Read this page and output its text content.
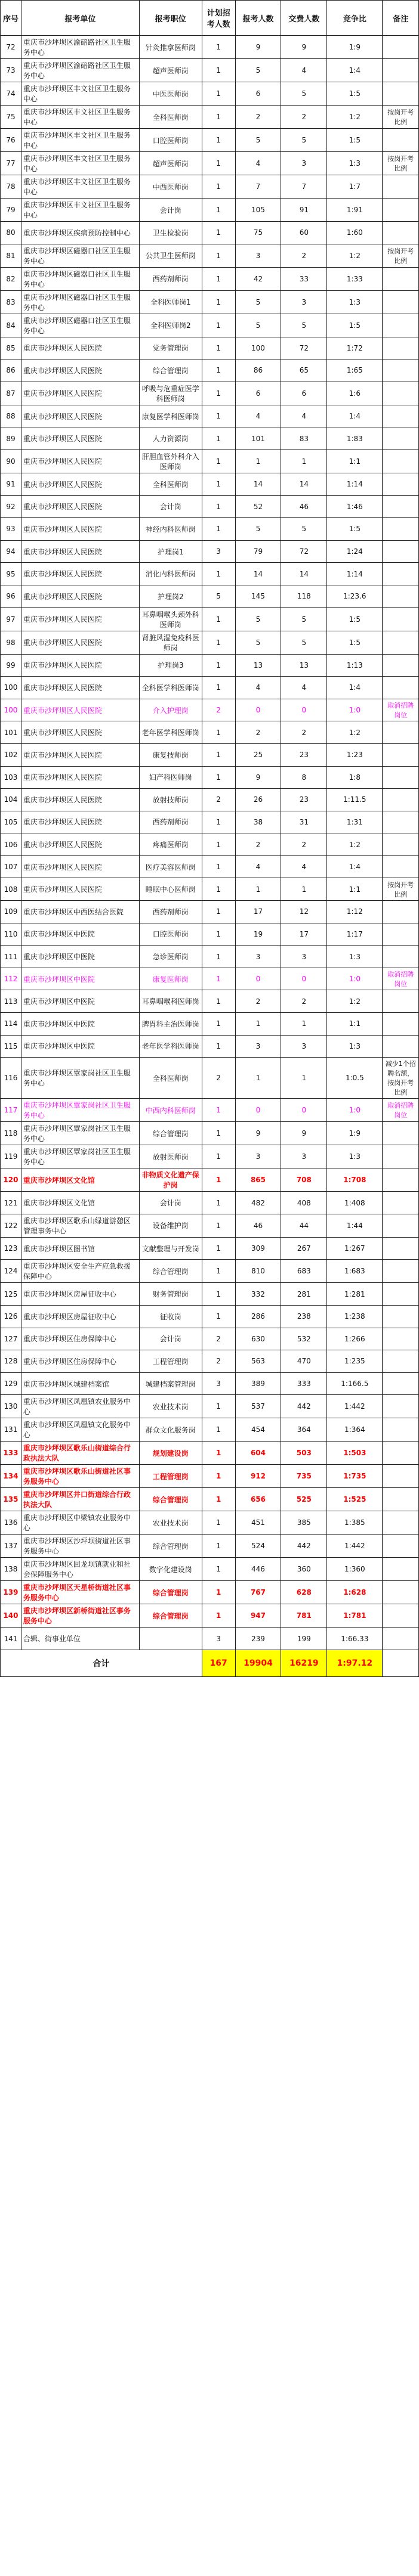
序号	报考单位	报考职位	计划招考人数	报考人数	交费人数	竞争比	备注
72	重庆市沙坪坝区渝碚路社区卫生服务中心	针灸推拿医师岗	1	9	9	1:9	
73	重庆市沙坪坝区渝碚路社区卫生服务中心	超声医师岗	1	5	4	1:4	
74	重庆市沙坪坝区丰文社区卫生服务中心	中医医师岗	1	6	5	1:5	
75	重庆市沙坪坝区丰文社区卫生服务中心	全科医师岗	1	2	2	1:2	按岗开考比例
76	重庆市沙坪坝区丰文社区卫生服务中心	口腔医师岗	1	5	5	1:5	
77	重庆市沙坪坝区丰文社区卫生服务中心	超声医师岗	1	4	3	1:3	按岗开考比例
78	重庆市沙坪坝区丰文社区卫生服务中心	中西医师岗	1	7	7	1:7	
79	重庆市沙坪坝区丰文社区卫生服务中心	会计岗	1	105	91	1:91	
80	重庆市沙坪坝区疾病预防控制中心	卫生检验岗	1	75	60	1:60	
81	重庆市沙坪坝区磁器口社区卫生服务中心	公共卫生医师岗	1	3	2	1:2	按岗开考比例
82	重庆市沙坪坝区磁器口社区卫生服务中心	西药剂师岗	1	42	33	1:33	
83	重庆市沙坪坝区磁器口社区卫生服务中心	全科医师岗1	1	5	3	1:3	
84	重庆市沙坪坝区磁器口社区卫生服务中心	全科医师岗2	1	5	5	1:5	
85	重庆市沙坪坝区人民医院	党务管理岗	1	100	72	1:72	
86	重庆市沙坪坝区人民医院	综合管理岗	1	86	65	1:65	
87	重庆市沙坪坝区人民医院	呼吸与危重症医学科医师岗	1	6	6	1:6	
88	重庆市沙坪坝区人民医院	康复医学科医师岗	1	4	4	1:4	
89	重庆市沙坪坝区人民医院	人力资源岗	1	101	83	1:83	
90	重庆市沙坪坝区人民医院	肝胆血管外科介入医师岗	1	1	1	1:1	
91	重庆市沙坪坝区人民医院	全科医师岗	1	14	14	1:14	
92	重庆市沙坪坝区人民医院	会计岗	1	52	46	1:46	
93	重庆市沙坪坝区人民医院	神经内科医师岗	1	5	5	1:5	
94	重庆市沙坪坝区人民医院	护理岗1	3	79	72	1:24	
95	重庆市沙坪坝区人民医院	消化内科医师岗	1	14	14	1:14	
96	重庆市沙坪坝区人民医院	护理岗2	5	145	118	1:23.6	
97	重庆市沙坪坝区人民医院	耳鼻咽喉头颈外科医师岗	1	5	5	1:5	
98	重庆市沙坪坝区人民医院	肾脏风湿免疫科医师岗	1	5	5	1:5	
99	重庆市沙坪坝区人民医院	护理岗3	1	13	13	1:13	
100	重庆市沙坪坝区人民医院	全科医学科医师岗	1	4	4	1:4	
100	重庆市沙坪坝区人民医院	介入护理岗	2	0	0	1:0	取消招聘岗位
101	重庆市沙坪坝区人民医院	老年医学科医师岗	1	2	2	1:2	
102	重庆市沙坪坝区人民医院	康复技师岗	1	25	23	1:23	
103	重庆市沙坪坝区人民医院	妇产科医师岗	1	9	8	1:8	
104	重庆市沙坪坝区人民医院	放射技师岗	2	26	23	1:11.5	
105	重庆市沙坪坝区人民医院	西药剂师岗	1	38	31	1:31	
106	重庆市沙坪坝区人民医院	疼痛医师岗	1	2	2	1:2	
107	重庆市沙坪坝区人民医院	医疗美容医师岗	1	4	4	1:4	
108	重庆市沙坪坝区人民医院	睡眠中心医师岗	1	1	1	1:1	按岗开考比例
109	重庆市沙坪坝区中西医结合医院	西药剂师岗	1	17	12	1:12	
110	重庆市沙坪坝区中医院	口腔医师岗	1	19	17	1:17	
111	重庆市沙坪坝区中医院	急诊医师岗	1	3	3	1:3	
112	重庆市沙坪坝区中医院	康复医师岗	1	0	0	1:0	取消招聘岗位
113	重庆市沙坪坝区中医院	耳鼻咽喉科医师岗	1	2	2	1:2	
114	重庆市沙坪坝区中医院	脾胃科主治医师岗	1	1	1	1:1	
115	重庆市沙坪坝区中医院	老年医学科医师岗	1	3	3	1:3	
116	重庆市沙坪坝区覃家岗社区卫生服务中心	全科医师岗	2	1	1	1:0.5	减少1个招聘名额，按岗开考比例
117	重庆市沙坪坝区覃家岗社区卫生服务中心	中西内科医师岗	1	0	0	1:0	取消招聘岗位
118	重庆市沙坪坝区覃家岗社区卫生服务中心	综合管理岗	1	9	9	1:9	
119	重庆市沙坪坝区覃家岗社区卫生服务中心	放射医师岗	1	3	3	1:3	
120	重庆市沙坪坝区文化馆	非物质文化遗产保护岗	1	865	708	1:708	
121	重庆市沙坪坝区文化馆	会计岗	1	482	408	1:408	
122	重庆市沙坪坝区歌乐山绿道游憩区管理事务中心	设备维护岗	1	46	44	1:44	
123	重庆市沙坪坝区图书馆	文献整理与开发岗	1	309	267	1:267	
124	重庆市沙坪坝区安全生产应急救援保障中心	综合管理岗	1	810	683	1:683	
125	重庆市沙坪坝区房屋征收中心	财务管理岗	1	332	281	1:281	
126	重庆市沙坪坝区房屋征收中心	征收岗	1	286	238	1:238	
127	重庆市沙坪坝区住房保障中心	会计岗	2	630	532	1:266	
128	重庆市沙坪坝区住房保障中心	工程管理岗	2	563	470	1:235	
129	重庆市沙坪坝区城建档案馆	城建档案管理岗	3	389	333	1:166.5	
130	重庆市沙坪坝区凤凰镇农业服务中心	农业技术岗	1	537	442	1:442	
131	重庆市沙坪坝区凤凰镇文化服务中心	群众文化服务岗	1	454	364	1:364	
133	重庆市沙坪坝区歌乐山街道综合行政执法大队	规划建设岗	1	604	503	1:503	
134	重庆市沙坪坝区歌乐山街道社区事务服务中心	工程管理岗	1	912	735	1:735	
135	重庆市沙坪坝区井口街道综合行政执法大队	综合管理岗	1	656	525	1:525	
136	重庆市沙坪坝区中梁镇农业服务中心	农业技术岗	1	451	385	1:385	
137	重庆市沙坪坝区沙坪坝街道社区事务服务中心	综合管理岗	1	524	442	1:442	
138	重庆市沙坪坝区回龙坝镇就业和社会保障服务中心	数字化建设岗	1	446	360	1:360	
139	重庆市沙坪坝区天星桥街道社区事务服务中心	综合管理岗	1	767	628	1:628	
140	重庆市沙坪坝区新桥街道社区事务服务中心	综合管理岗	1	947	781	1:781	
141	合辑、街事业单位		3	239	199	1:66.33	
合计			167	19904	16219	1:97.12	
